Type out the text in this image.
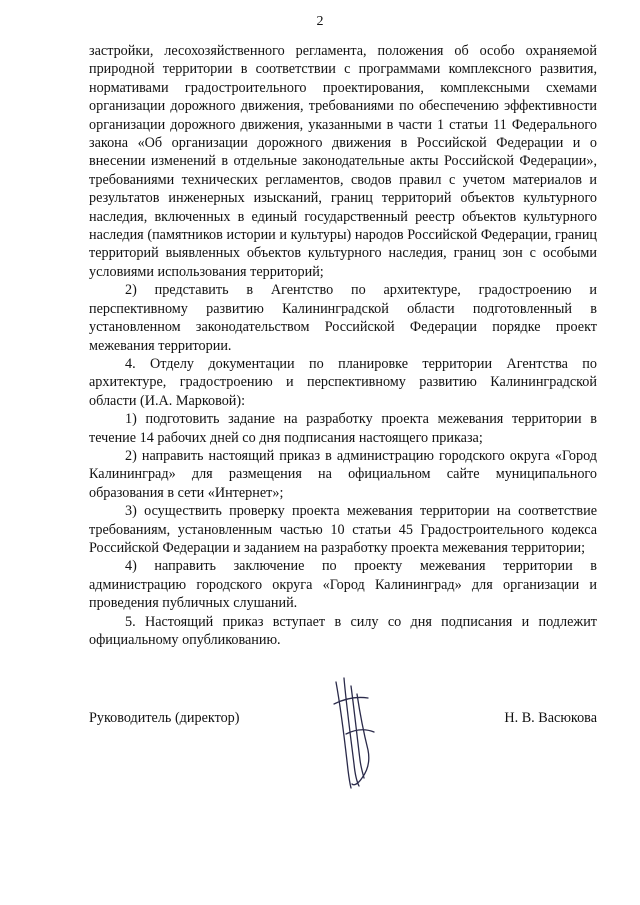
2

застройки, лесохозяйственного регламента, положения об особо охраняемой природной территории в соответствии с программами комплексного развития, нормативами градостроительного проектирования, комплексными схемами организации дорожного движения, требованиями по обеспечению эффективности организации дорожного движения, указанными в части 1 статьи 11 Федерального закона «Об организации дорожного движения в Российской Федерации и о внесении изменений в отдельные законодательные акты Российской Федерации», требованиями технических регламентов, сводов правил с учетом материалов и результатов инженерных изысканий, границ территорий объектов культурного наследия, включенных в единый государственный реестр объектов культурного наследия (памятников истории и культуры) народов Российской Федерации, границ территорий выявленных объектов культурного наследия, границ зон с особыми условиями использования территорий;

2) представить в Агентство по архитектуре, градостроению и перспективному развитию Калининградской области подготовленный в установленном законодательством Российской Федерации порядке проект межевания территории.

4. Отделу документации по планировке территории Агентства по архитектуре, градостроению и перспективному развитию Калининградской области (И.А. Марковой):

1) подготовить задание на разработку проекта межевания территории в течение 14 рабочих дней со дня подписания настоящего приказа;

2) направить настоящий приказ в администрацию городского округа «Город Калининград» для размещения на официальном сайте муниципального образования в сети «Интернет»;

3) осуществить проверку проекта межевания территории на соответствие требованиям, установленным частью 10 статьи 45 Градостроительного кодекса Российской Федерации и заданием на разработку проекта межевания территории;

4) направить заключение по проекту межевания территории в администрацию городского округа «Город Калининград» для организации и проведения публичных слушаний.

5. Настоящий приказ вступает в силу со дня подписания и подлежит официальному опубликованию.

Руководитель (директор)	Н. В. Васюкова
